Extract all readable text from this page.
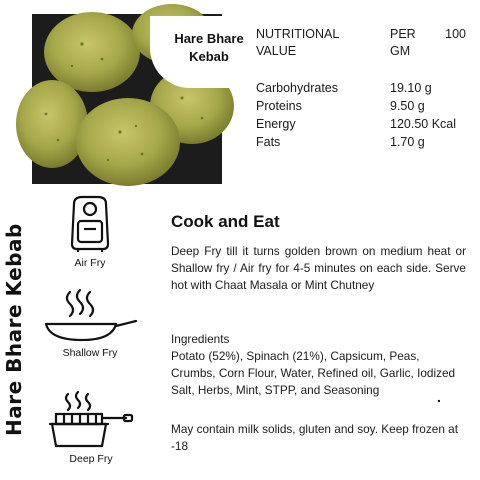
Hare Bhare
Kebab
NUTRITIONAL
VALUE
PER 100
GM
Carbohydrates	19.10 g
Proteins	9.50 g
Energy	120.50 Kcal
Fats	1.70 g
Hare Bhare Kebab	Air Fry
Shallow Fry
Deep Fry
Cook and Eat
Deep Fry till it turns golden brown on medium heat or Shallow fry / Air fry for 4-5 minutes on each side. Serve hot with Chaat Masala or Mint Chutney
Ingredients
Potato (52%), Spinach (21%), Capsicum, Peas, Crumbs, Corn Flour, Water, Refined oil, Garlic, Iodized Salt, Herbs, Mint, STPP, and Seasoning	.
May contain milk solids, gluten and soy. Keep frozen at -18
